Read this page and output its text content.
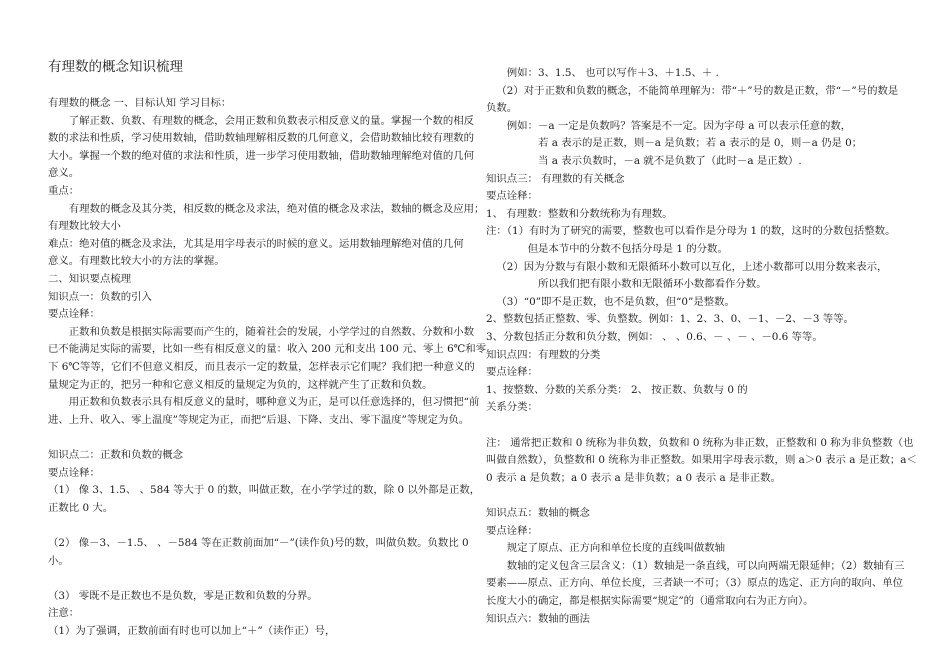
有理数的概念知识梳理
有理数的概念 一、目标认知 学习目标：
了解正数、负数、有理数的概念，会用正数和负数表示相反意义的量。掌握一个数的相反
数的求法和性质，学习使用数轴，借助数轴理解相反数的几何意义，会借助数轴比较有理数的
大小。掌握一个数的绝对值的求法和性质，进一步学习使用数轴，借助数轴理解绝对值的几何
意义。
重点：
有理数的概念及其分类，相反数的概念及求法，绝对值的概念及求法，数轴的概念及应用；
有理数比较大小
难点：绝对值的概念及求法，尤其是用字母表示的时候的意义。运用数轴理解绝对值的几何
意义。有理数比较大小的方法的掌握。
二、知识要点梳理
知识点一：负数的引入
要点诠释：
正数和负数是根据实际需要而产生的，随着社会的发展，小学学过的自然数、分数和小数
已不能满足实际的需要，比如一些有相反意义的量：收入 200 元和支出 100 元、零上 6℃和零
下 6℃等等，它们不但意义相反，而且表示一定的数量，怎样表示它们呢？我们把一种意义的
量规定为正的，把另一种和它意义相反的量规定为负的，这样就产生了正数和负数。
用正数和负数表示具有相反意义的量时，哪种意义为正，是可以任意选择的，但习惯把“前
进、上升、收入、零上温度”等规定为正，而把“后退、下降、支出、零下温度”等规定为负。
知识点二：正数和负数的概念
要点诠释：
（1） 像 3、1.5、 、584 等大于 0 的数，叫做正数，在小学学过的数，除 0 以外都是正数，
正数比 0 大。
（2） 像－3、－1.5、 、－584 等在正数前面加“－”(读作负)号的数，叫做负数。负数比 0
小。
（3） 零既不是正数也不是负数，零是正数和负数的分界。
注意：
（1）为了强调，正数前面有时也可以加上“＋”（读作正）号，
例如：3、1.5、 也可以写作＋3、＋1.5、＋ .
（2）对于正数和负数的概念，不能简单理解为：带“＋”号的数是正数，带“－”号的数是
负数。
例如：－a 一定是负数吗？答案是不一定。因为字母 a 可以表示任意的数，
若 a 表示的是正数，则－a 是负数；若 a 表示的是 0，则－a 仍是 0；
当 a 表示负数时，－a 就不是负数了（此时－a 是正数）.
知识点三： 有理数的有关概念
要点诠释：
1、 有理数：整数和分数统称为有理数。
注：（1）有时为了研究的需要，整数也可以看作是分母为 1 的数，这时的分数包括整数。
但是本节中的分数不包括分母是 1 的分数。
（2）因为分数与有限小数和无限循环小数可以互化，上述小数都可以用分数来表示，
所以我们把有限小数和无限循环小数都看作分数。
（3）“0”即不是正数，也不是负数，但“0”是整数。
2、整数包括正整数、零、负整数。例如：1、2、3、0、－1、－2、－3 等等。
3、分数包括正分数和负分数，例如： 、 、0.6、－ 、－ 、－0.6 等等。
知识点四：有理数的分类
要点诠释：
1、按整数、分数的关系分类： 2、 按正数、负数与 0 的
关系分类：
注： 通常把正数和 0 统称为非负数，负数和 0 统称为非正数，正整数和 0 称为非负整数（也
叫做自然数），负整数和 0 统称为非正整数。如果用字母表示数，则 a＞0 表示 a 是正数；a＜
0 表示 a 是负数；a 0 表示 a 是非负数；a 0 表示 a 是非正数。
知识点五：数轴的概念
要点诠释：
规定了原点、正方向和单位长度的直线叫做数轴
数轴的定义包含三层含义：（1）数轴是一条直线，可以向两端无限延伸；（2）数轴有三
要素——原点、正方向、单位长度，三者缺一不可；（3）原点的选定、正方向的取向、单位
长度大小的确定，都是根据实际需要“规定”的（通常取向右为正方向）。
知识点六：数轴的画法
